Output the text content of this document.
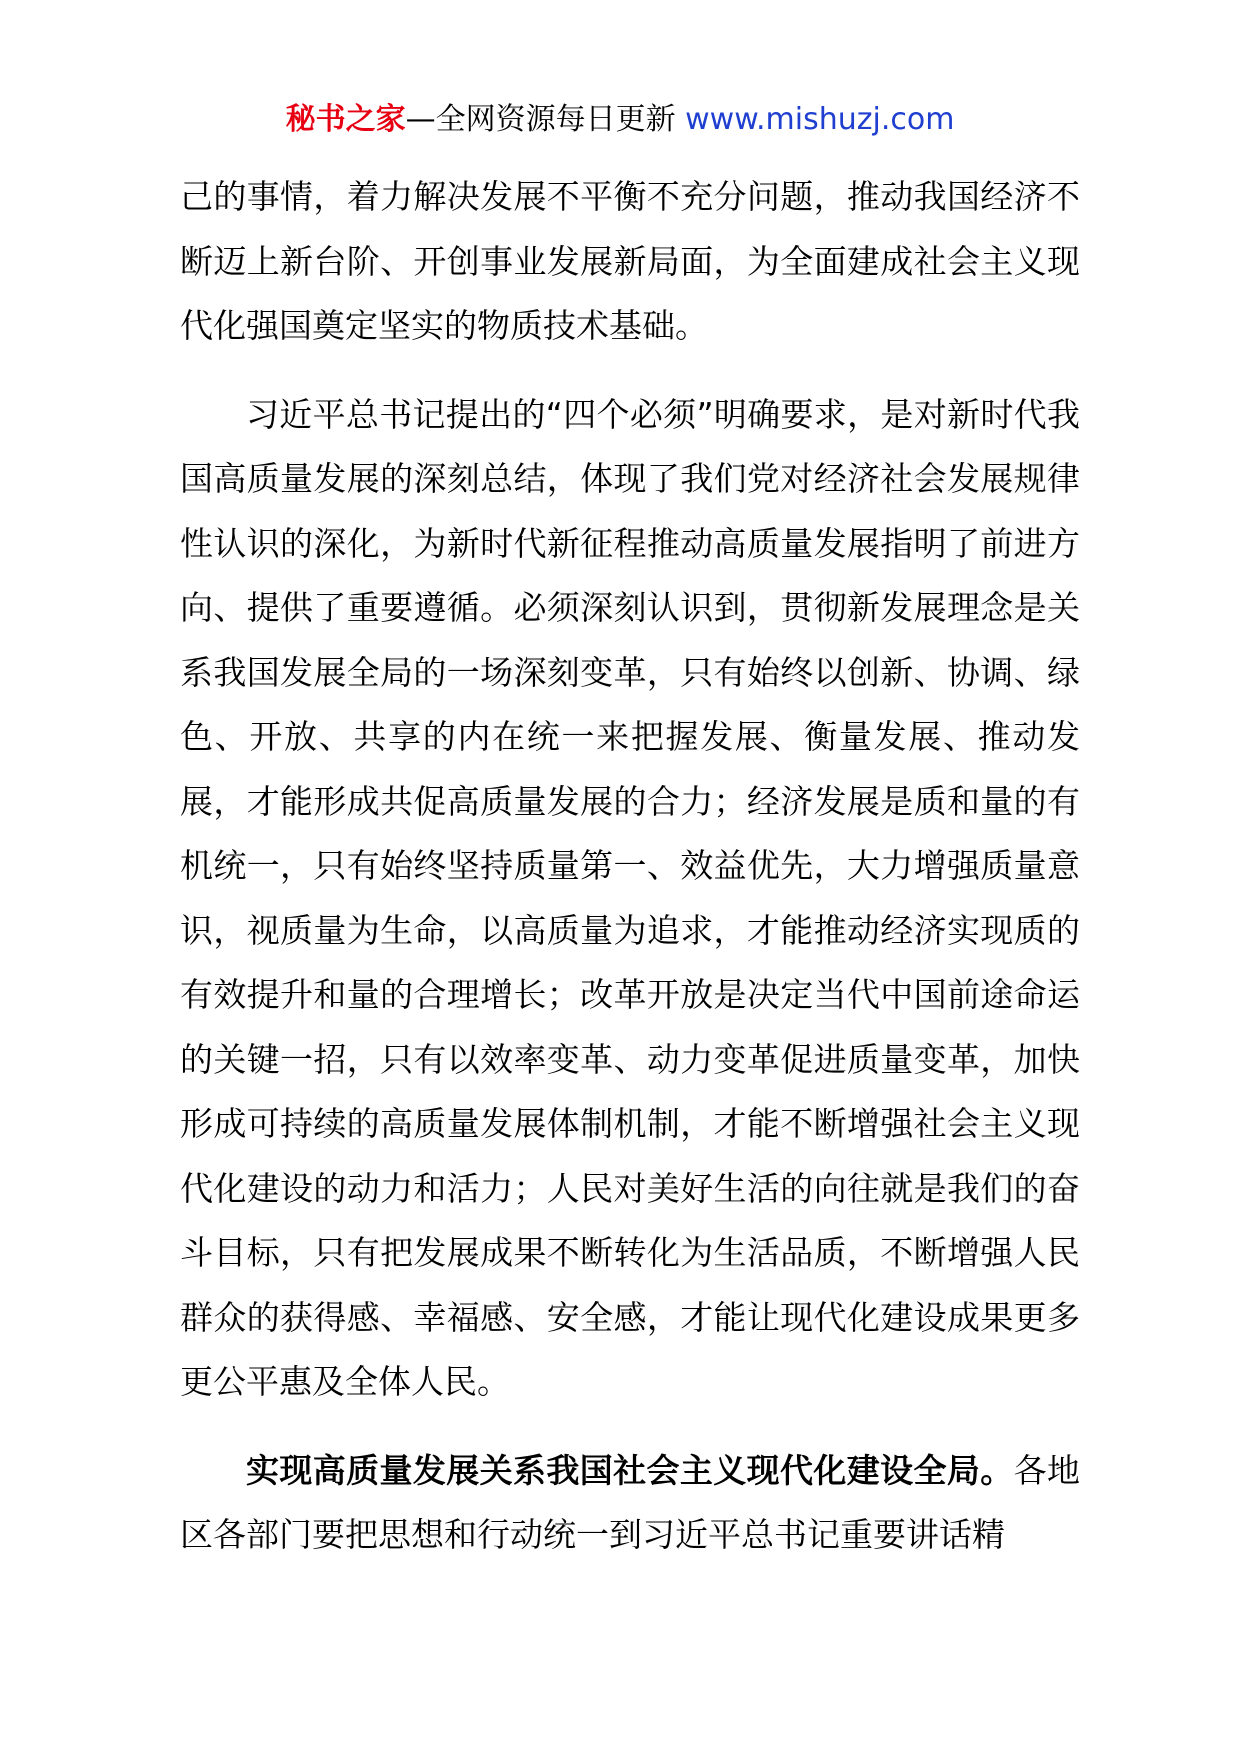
秘书之家—全网资源每日更新 www.mishuzj.com

己的事情，着力解决发展不平衡不充分问题，推动我国经济不断迈上新台阶、开创事业发展新局面，为全面建成社会主义现代化强国奠定坚实的物质技术基础。

习近平总书记提出的“四个必须”明确要求，是对新时代我国高质量发展的深刻总结，体现了我们党对经济社会发展规律性认识的深化，为新时代新征程推动高质量发展指明了前进方向、提供了重要遵循。必须深刻认识到，贯彻新发展理念是关系我国发展全局的一场深刻变革，只有始终以创新、协调、绿色、开放、共享的内在统一来把握发展、衡量发展、推动发展，才能形成共促高质量发展的合力；经济发展是质和量的有机统一，只有始终坚持质量第一、效益优先，大力增强质量意识，视质量为生命，以高质量为追求，才能推动经济实现质的有效提升和量的合理增长；改革开放是决定当代中国前途命运的关键一招，只有以效率变革、动力变革促进质量变革，加快形成可持续的高质量发展体制机制，才能不断增强社会主义现代化建设的动力和活力；人民对美好生活的向往就是我们的奋斗目标，只有把发展成果不断转化为生活品质，不断增强人民群众的获得感、幸福感、安全感，才能让现代化建设成果更多更公平惠及全体人民。

实现高质量发展关系我国社会主义现代化建设全局。各地区各部门要把思想和行动统一到习近平总书记重要讲话精
